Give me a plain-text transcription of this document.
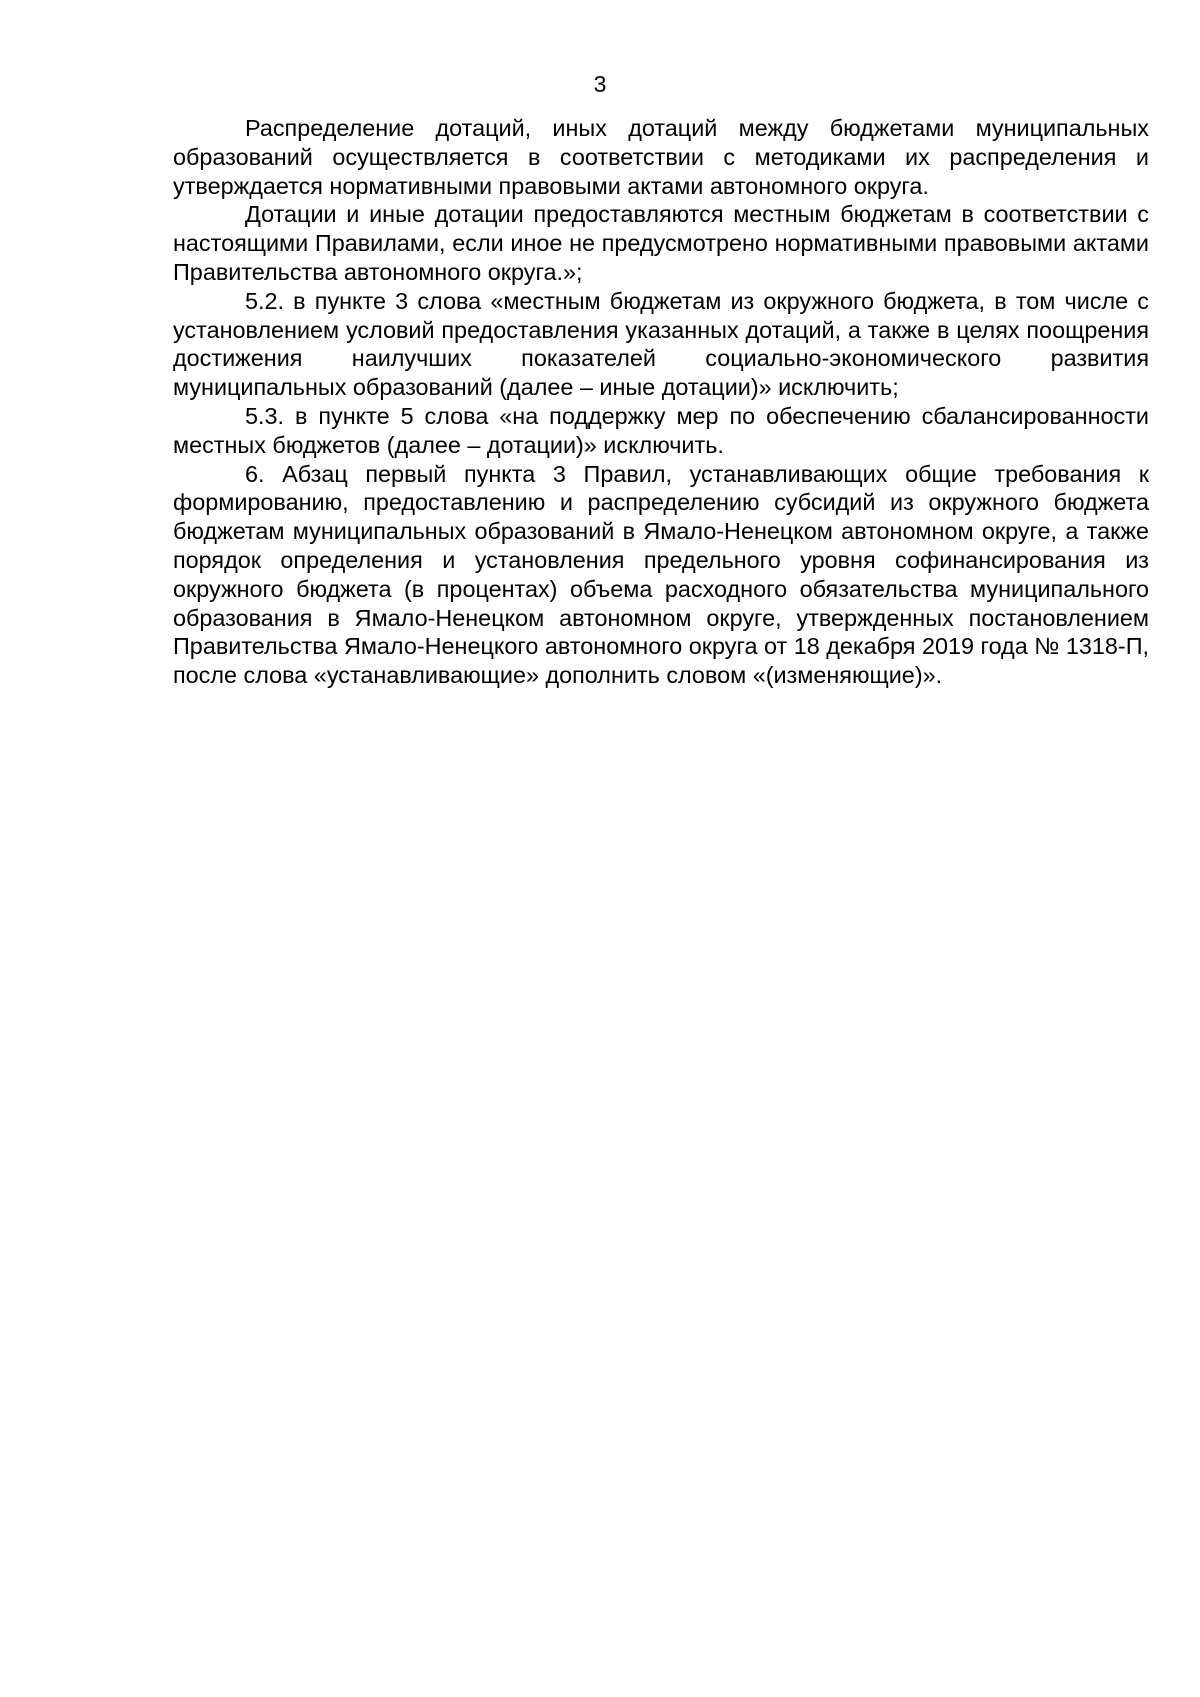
3

Распределение дотаций, иных дотаций между бюджетами муниципальных образований осуществляется в соответствии с методиками их распределения и утверждается нормативными правовыми актами автономного округа.

Дотации и иные дотации предоставляются местным бюджетам в соответствии с настоящими Правилами, если иное не предусмотрено нормативными правовыми актами Правительства автономного округа.»;

5.2. в пункте 3 слова «местным бюджетам из окружного бюджета, в том числе с установлением условий предоставления указанных дотаций, а также в целях поощрения достижения наилучших показателей социально-экономического развития муниципальных образований (далее – иные дотации)» исключить;

5.3. в пункте 5 слова «на поддержку мер по обеспечению сбалансированности местных бюджетов (далее – дотации)» исключить.

6. Абзац первый пункта 3 Правил, устанавливающих общие требования к формированию, предоставлению и распределению субсидий из окружного бюджета бюджетам муниципальных образований в Ямало-Ненецком автономном округе, а также порядок определения и установления предельного уровня софинансирования из окружного бюджета (в процентах) объема расходного обязательства муниципального образования в Ямало-Ненецком автономном округе, утвержденных постановлением Правительства Ямало-Ненецкого автономного округа от 18 декабря 2019 года № 1318-П, после слова «устанавливающие» дополнить словом «(изменяющие)».
